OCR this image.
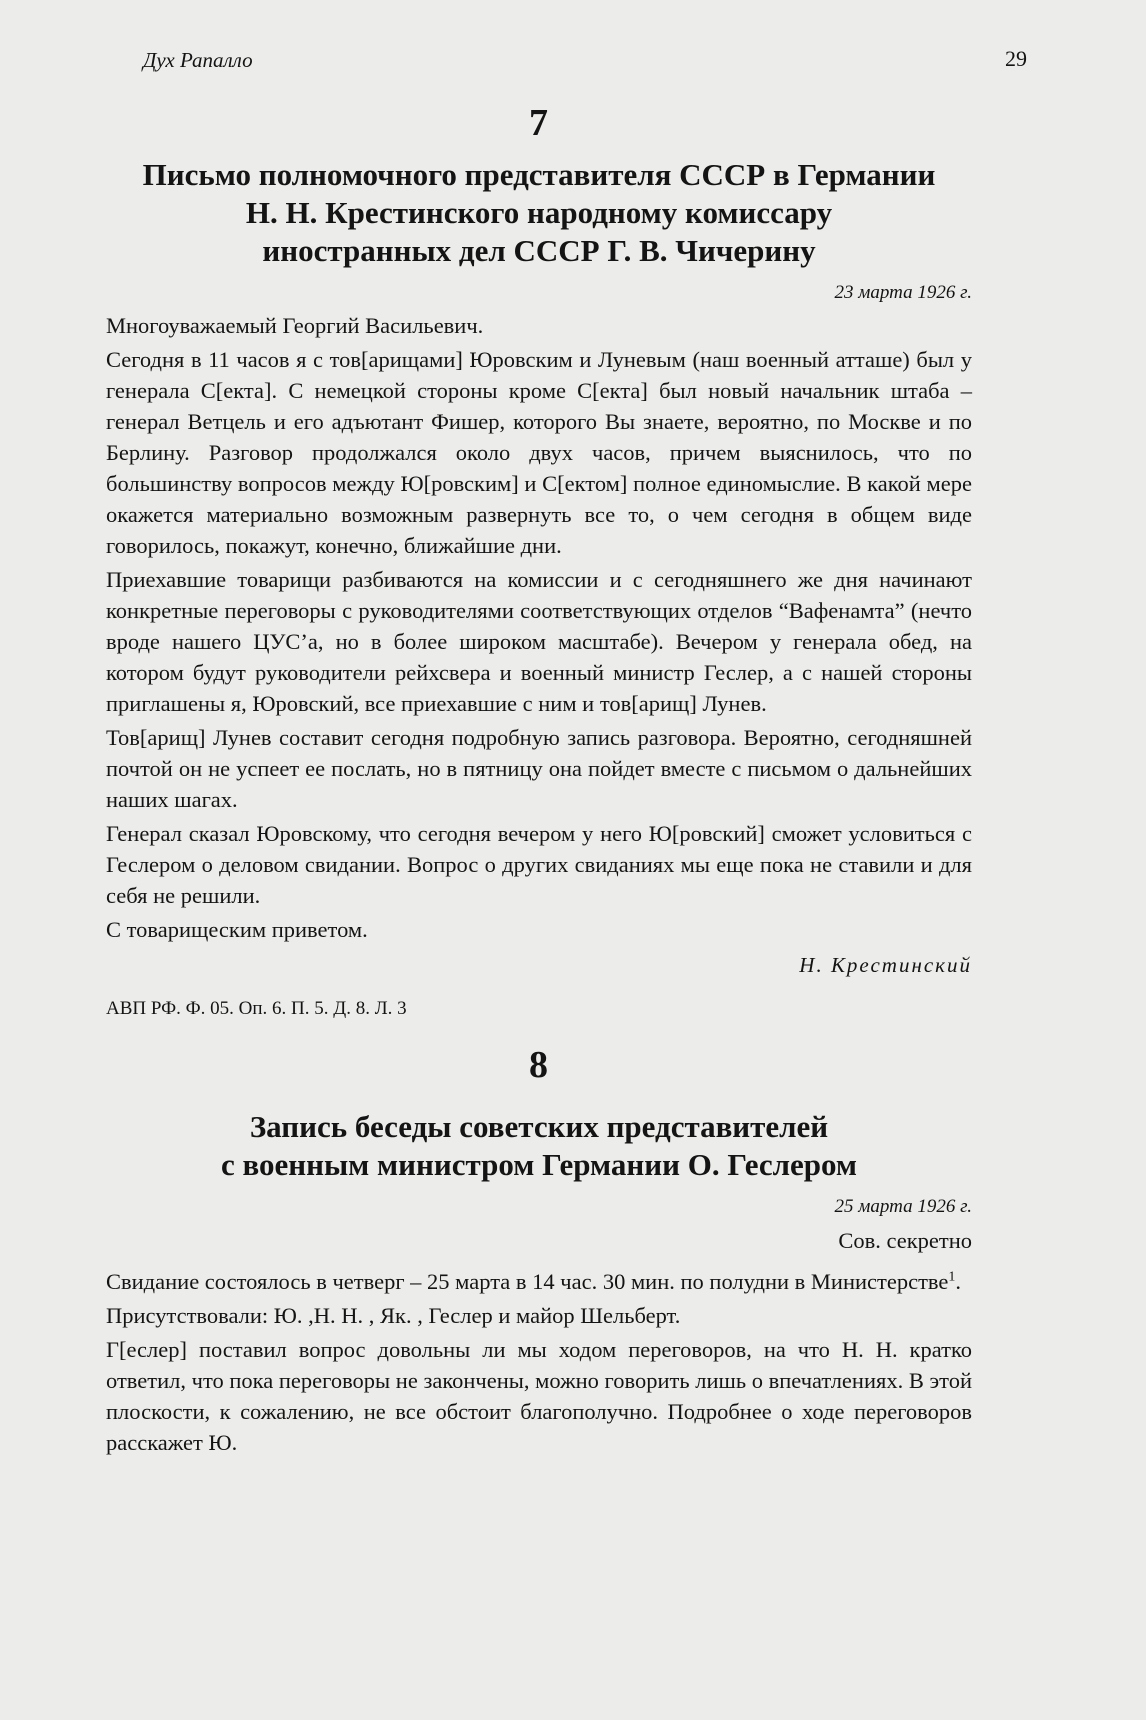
Дух Рапалло	29
7
Письмо полномочного представителя СССР в Германии
Н. Н. Крестинского народному комиссару
иностранных дел СССР Г. В. Чичерину
23 марта 1926 г.

Многоуважаемый Георгий Васильевич.

Сегодня в 11 часов я с тов[арищами] Юровским и Луневым (наш военный атташе) был у генерала С[екта]. С немецкой стороны кроме С[екта] был новый начальник штаба – генерал Ветцель и его адъютант Фишер, которого Вы знаете, вероятно, по Москве и по Берлину. Разговор продолжался около двух часов, причем выяснилось, что по большинству вопросов между Ю[ровским] и С[ектом] полное единомыслие. В какой мере окажется материально возможным развернуть все то, о чем сегодня в общем виде говорилось, покажут, конечно, ближайшие дни.

Приехавшие товарищи разбиваются на комиссии и с сегодняшнего же дня начинают конкретные переговоры с руководителями соответствующих отделов “Вафенамта” (нечто вроде нашего ЦУС’а, но в более широком масштабе). Вечером у генерала обед, на котором будут руководители рейхсвера и военный министр Геслер, а с нашей стороны приглашены я, Юровский, все приехавшие с ним и тов[арищ] Лунев.

Тов[арищ] Лунев составит сегодня подробную запись разговора. Вероятно, сегодняшней почтой он не успеет ее послать, но в пятницу она пойдет вместе с письмом о дальнейших наших шагах.

Генерал сказал Юровскому, что сегодня вечером у него Ю[ровский] сможет условиться с Геслером о деловом свидании. Вопрос о других свиданиях мы еще пока не ставили и для себя не решили.

С товарищеским приветом.

Н. Крестинский
АВП РФ. Ф. 05. Оп. 6. П. 5. Д. 8. Л. 3
8
Запись беседы советских представителей
с военным министром Германии О. Геслером
25 марта 1926 г.
Сов. секретно

Свидание состоялось в четверг – 25 марта в 14 час. 30 мин. по полудни в Министерстве$^1$.

Присутствовали: Ю. ,Н. Н. , Як. , Геслер и майор Шельберт.

Г[еслер] поставил вопрос довольны ли мы ходом переговоров, на что Н. Н. кратко ответил, что пока переговоры не закончены, можно говорить лишь о впечатлениях. В этой плоскости, к сожалению, не все обстоит благополучно. Подробнее о ходе переговоров расскажет Ю.
